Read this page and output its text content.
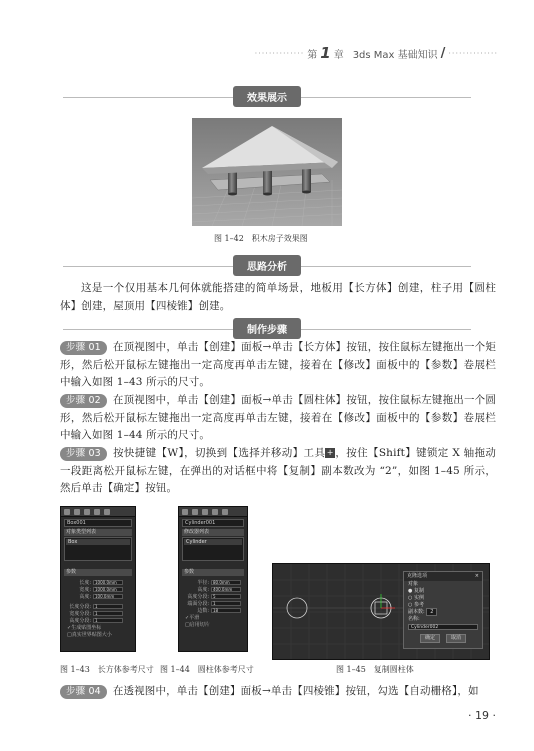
·············· 第 1 章 3ds Max 基础知识 / ··············
效果展示
图 1–42　积木房子效果图
思路分析
这是一个仅用基本几何体就能搭建的简单场景，地板用【长方体】创建，柱子用【圆柱体】创建，屋顶用【四棱锥】创建。
制作步骤
步骤 01 在顶视图中，单击【创建】面板→单击【长方体】按钮，按住鼠标左键拖出一个矩形，然后松开鼠标左键拖出一定高度再单击左键，接着在【修改】面板中的【参数】卷展栏中输入如图 1–43 所示的尺寸。
步骤 02 在顶视图中，单击【创建】面板→单击【圆柱体】按钮，按住鼠标左键拖出一个圆形，然后松开鼠标左键拖出一定高度再单击左键，接着在【修改】面板中的【参数】卷展栏中输入如图 1–44 所示的尺寸。
步骤 03 按快捷键【W】，切换到【选择并移动】工具 + ，按住【Shift】键锁定 X 轴拖动一段距离松开鼠标左键，在弹出的对话框中将【复制】副本数改为 “2”，如图 1–45 所示，然后单击【确定】按钮。
Box001
对象类型列表
Box
参数
长度:	1000.0mm
宽度:	1000.0mm
高度:	100.0mm
长度分段:	1
宽度分段:	1
高度分段:	1
✓ 生成贴图坐标
□ 真实世界贴图大小
Cylinder001
修改器列表
Cylinder
参数
半径:	80.0mm
高度:	400.0mm
高度分段:	5
端面分段:	1
边数:	18
✓ 平滑
□ 启用切片
克隆选项	×
对象
● 复制
○ 实例
○ 参考
副本数: 2
名称:
Cylinder002
确定	取消
图 1–43　长方体参考尺寸 图 1–44　圆柱体参考尺寸	图 1–45　复制圆柱体
步骤 04 在透视图中，单击【创建】面板→单击【四棱锥】按钮，勾选【自动栅格】，如
· 19 ·
